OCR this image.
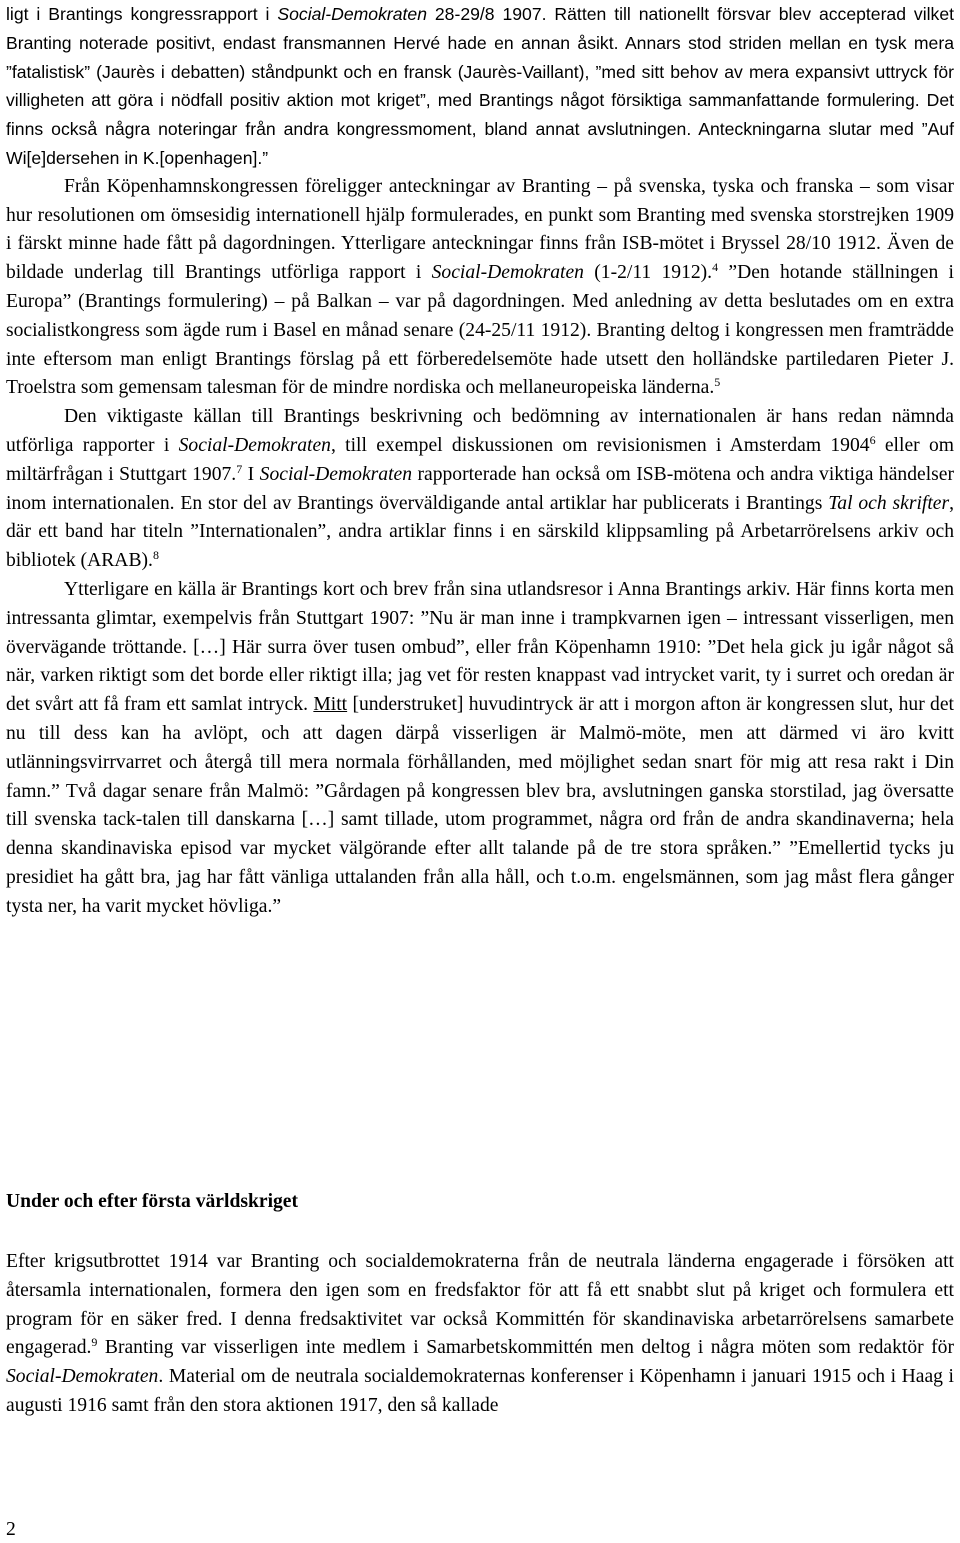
ligt i Brantings kongressrapport i Social-Demokraten 28-29/8 1907. Rätten till nationellt försvar blev accepterad vilket Branting noterade positivt, endast fransmannen Hervé hade en annan åsikt. Annars stod striden mellan en tysk mera ”fatalistisk” (Jaurès i debatten) ståndpunkt och en fransk (Jaurès-Vaillant), ”med sitt behov av mera expansivt uttryck för villigheten att göra i nödfall positiv aktion mot kriget”, med Brantings något försiktiga sammanfattande formulering. Det finns också några noteringar från andra kongressmoment, bland annat avslutningen. Anteckningarna slutar med ”Auf Wi[e]dersehen in K.[openhagen].”

Från Köpenhamnskongressen föreligger anteckningar av Branting – på svenska, tyska och franska – som visar hur resolutionen om ömsesidig internationell hjälp formulerades, en punkt som Branting med svenska storstrejken 1909 i färskt minne hade fått på dagordningen. Ytterligare anteckningar finns från ISB-mötet i Bryssel 28/10 1912. Även de bildade underlag till Brantings utförliga rapport i Social-Demokraten (1-2/11 1912).$^4$ ”Den hotande ställningen i Europa” (Brantings formulering) – på Balkan – var på dagordningen. Med anledning av detta beslutades om en extra socialistkongress som ägde rum i Basel en månad senare (24-25/11 1912). Branting deltog i kongressen men framträdde inte eftersom man enligt Brantings förslag på ett förberedelsemöte hade utsett den holländske partiledaren Pieter J. Troelstra som gemensam talesman för de mindre nordiska och mellaneuropeiska länderna.$^5$

Den viktigaste källan till Brantings beskrivning och bedömning av internationalen är hans redan nämnda utförliga rapporter i Social-Demokraten, till exempel diskussionen om revisionismen i Amsterdam 1904$^6$ eller om miltärfrågan i Stuttgart 1907.$^7$ I Social-Demokraten rapporterade han också om ISB-mötena och andra viktiga händelser inom internationalen. En stor del av Brantings överväldigande antal artiklar har publicerats i Brantings Tal och skrifter, där ett band har titeln ”Internationalen”, andra artiklar finns i en särskild klippsamling på Arbetarrörelsens arkiv och bibliotek (ARAB).$^8$

Ytterligare en källa är Brantings kort och brev från sina utlandsresor i Anna Brantings arkiv. Här finns korta men intressanta glimtar, exempelvis från Stuttgart 1907: ”Nu är man inne i trampkvarnen igen – intressant visserligen, men övervägande tröttande. […] Här surra över tusen ombud”, eller från Köpenhamn 1910: ”Det hela gick ju igår något så när, varken riktigt som det borde eller riktigt illa; jag vet för resten knappast vad intrycket varit, ty i surret och oredan är det svårt att få fram ett samlat intryck. Mitt [understruket] huvudintryck är att i morgon afton är kongressen slut, hur det nu till dess kan ha avlöpt, och att dagen därpå visserligen är Malmö-möte, men att därmed vi äro kvitt utlänningsvirrvarret och återgå till mera normala förhållanden, med möjlighet sedan snart för mig att resa rakt i Din famn.” Två dagar senare från Malmö: ”Gårdagen på kongressen blev bra, avslutningen ganska storstilad, jag översatte till svenska tack-talen till danskarna […] samt tillade, utom programmet, några ord från de andra skandinaverna; hela denna skandinaviska episod var mycket välgörande efter allt talande på de tre stora språken.” ”Emellertid tycks ju presidiet ha gått bra, jag har fått vänliga uttalanden från alla håll, och t.o.m. engelsmännen, som jag måst flera gånger tysta ner, ha varit mycket hövliga.”

Under och efter första världskriget

Efter krigsutbrottet 1914 var Branting och socialdemokraterna från de neutrala länderna engagerade i försöken att återsamla internationalen, formera den igen som en fredsfaktor för att få ett snabbt slut på kriget och formulera ett program för en säker fred. I denna fredsaktivitet var också Kommittén för skandinaviska arbetarrörelsens samarbete engagerad.$^9$ Branting var visserligen inte medlem i Samarbetskommittén men deltog i några möten som redaktör för Social-Demokraten. Material om de neutrala socialdemokraternas konferenser i Köpenhamn i januari 1915 och i Haag i augusti 1916 samt från den stora aktionen 1917, den så kallade

2
